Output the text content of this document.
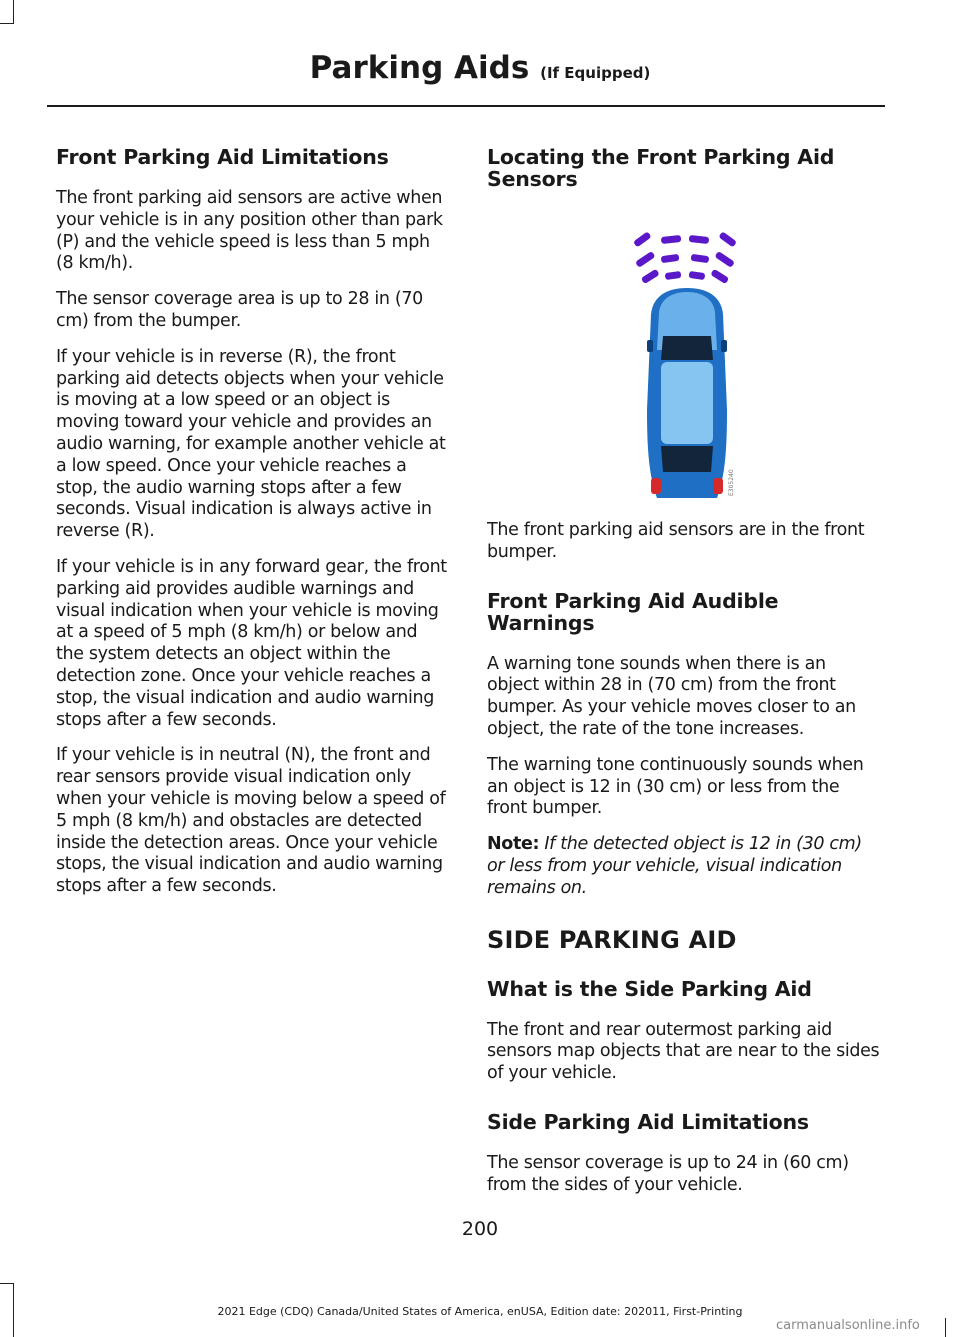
Parking Aids (If Equipped)
Front Parking Aid Limitations

The front parking aid sensors are active when your vehicle is in any position other than park (P) and the vehicle speed is less than 5 mph (8 km/h).

The sensor coverage area is up to 28 in (70 cm) from the bumper.

If your vehicle is in reverse (R), the front parking aid detects objects when your vehicle is moving at a low speed or an object is moving toward your vehicle and provides an audio warning, for example another vehicle at a low speed. Once your vehicle reaches a stop, the audio warning stops after a few seconds. Visual indication is always active in reverse (R).

If your vehicle is in any forward gear, the front parking aid provides audible warnings and visual indication when your vehicle is moving at a speed of 5 mph (8 km/h) or below and the system detects an object within the detection zone. Once your vehicle reaches a stop, the visual indication and audio warning stops after a few seconds.

If your vehicle is in neutral (N), the front and rear sensors provide visual indication only when your vehicle is moving below a speed of 5 mph (8 km/h) and obstacles are detected inside the detection areas. Once your vehicle stops, the visual indication and audio warning stops after a few seconds.

Locating the Front Parking Aid Sensors
E305240

The front parking aid sensors are in the front bumper.

Front Parking Aid Audible Warnings

A warning tone sounds when there is an object within 28 in (70 cm) from the front bumper. As your vehicle moves closer to an object, the rate of the tone increases.

The warning tone continuously sounds when an object is 12 in (30 cm) or less from the front bumper.

Note: If the detected object is 12 in (30 cm) or less from your vehicle, visual indication remains on.

SIDE PARKING AID
What is the Side Parking Aid

The front and rear outermost parking aid sensors map objects that are near to the sides of your vehicle.

Side Parking Aid Limitations

The sensor coverage is up to 24 in (60 cm) from the sides of your vehicle.

200
2021 Edge (CDQ) Canada/United States of America, enUSA, Edition date: 202011, First-Printing
carmanualsonline.info
